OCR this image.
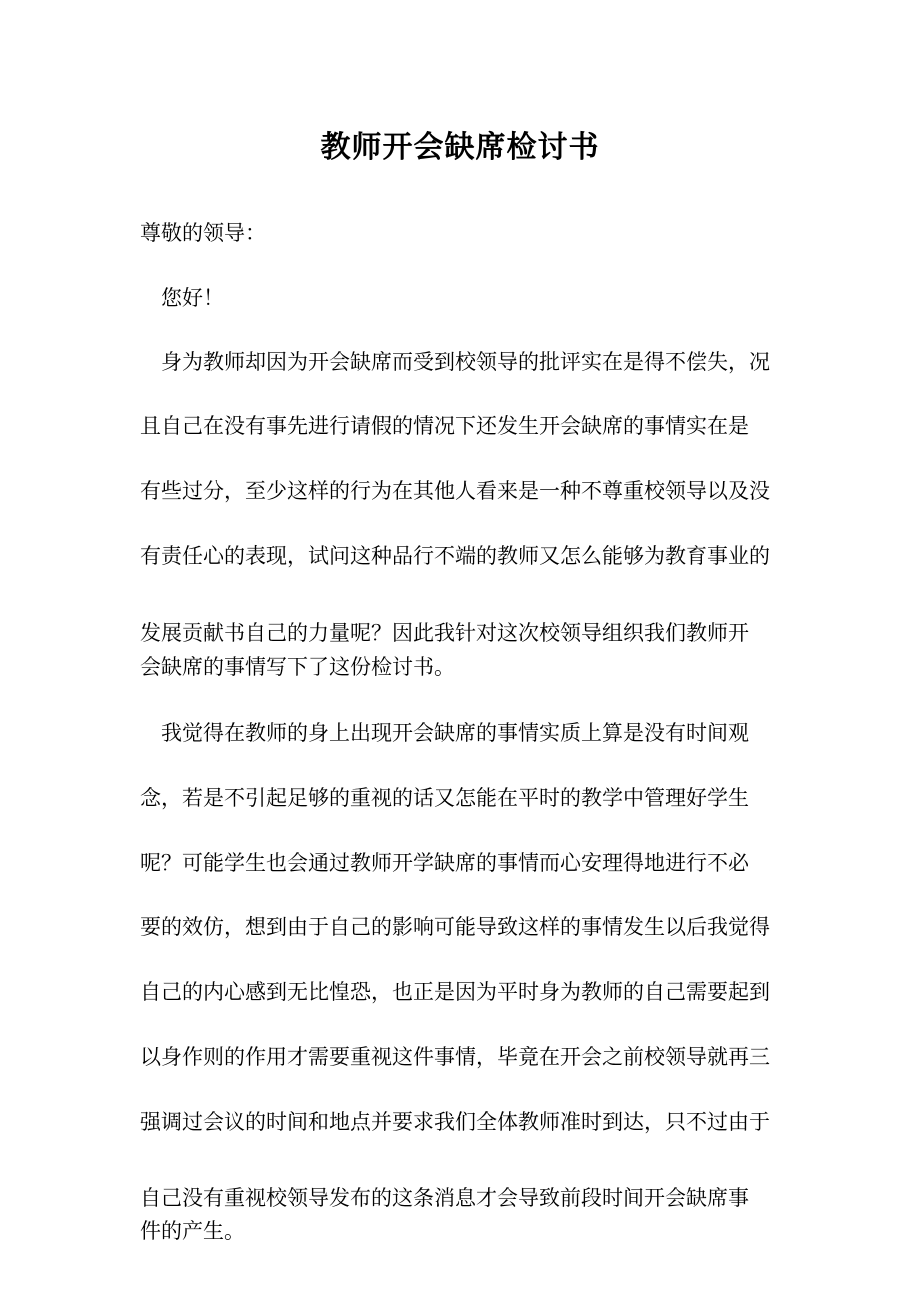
教师开会缺席检讨书
尊敬的领导：
　您好！
　身为教师却因为开会缺席而受到校领导的批评实在是得不偿失，况
且自己在没有事先进行请假的情况下还发生开会缺席的事情实在是
有些过分，至少这样的行为在其他人看来是一种不尊重校领导以及没
有责任心的表现，试问这种品行不端的教师又怎么能够为教育事业的
发展贡献书自己的力量呢？因此我针对这次校领导组织我们教师开
会缺席的事情写下了这份检讨书。
　我觉得在教师的身上出现开会缺席的事情实质上算是没有时间观
念，若是不引起足够的重视的话又怎能在平时的教学中管理好学生
呢？可能学生也会通过教师开学缺席的事情而心安理得地进行不必
要的效仿，想到由于自己的影响可能导致这样的事情发生以后我觉得
自己的内心感到无比惶恐，也正是因为平时身为教师的自己需要起到
以身作则的作用才需要重视这件事情，毕竟在开会之前校领导就再三
强调过会议的时间和地点并要求我们全体教师准时到达，只不过由于
自己没有重视校领导发布的这条消息才会导致前段时间开会缺席事
件的产生。
